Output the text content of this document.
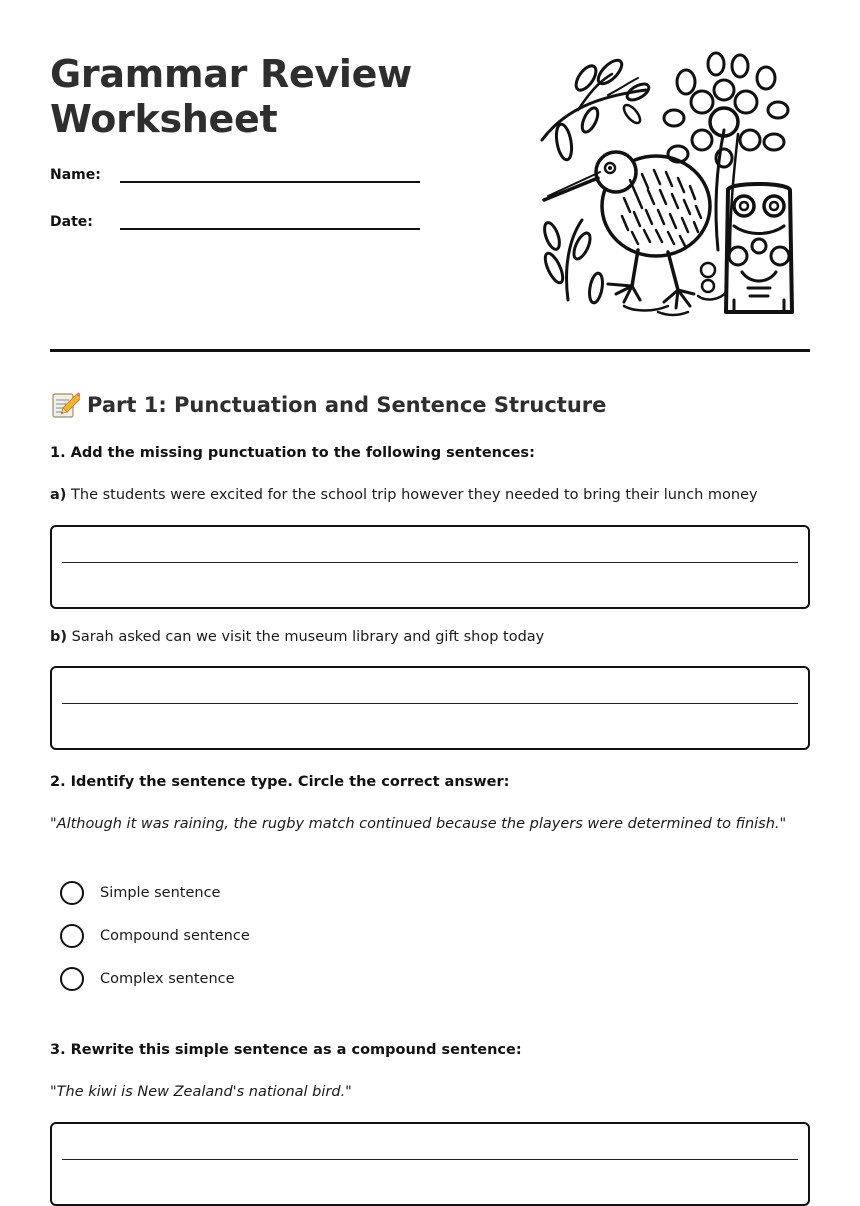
Grammar Review
Worksheet
Name:
Date:
Part 1: Punctuation and Sentence Structure
1. Add the missing punctuation to the following sentences:
a) The students were excited for the school trip however they needed to bring their lunch money
b) Sarah asked can we visit the museum library and gift shop today
2. Identify the sentence type. Circle the correct answer:
"Although it was raining, the rugby match continued because the players were determined to finish."
Simple sentence
Compound sentence
Complex sentence
3. Rewrite this simple sentence as a compound sentence:
"The kiwi is New Zealand's national bird."
